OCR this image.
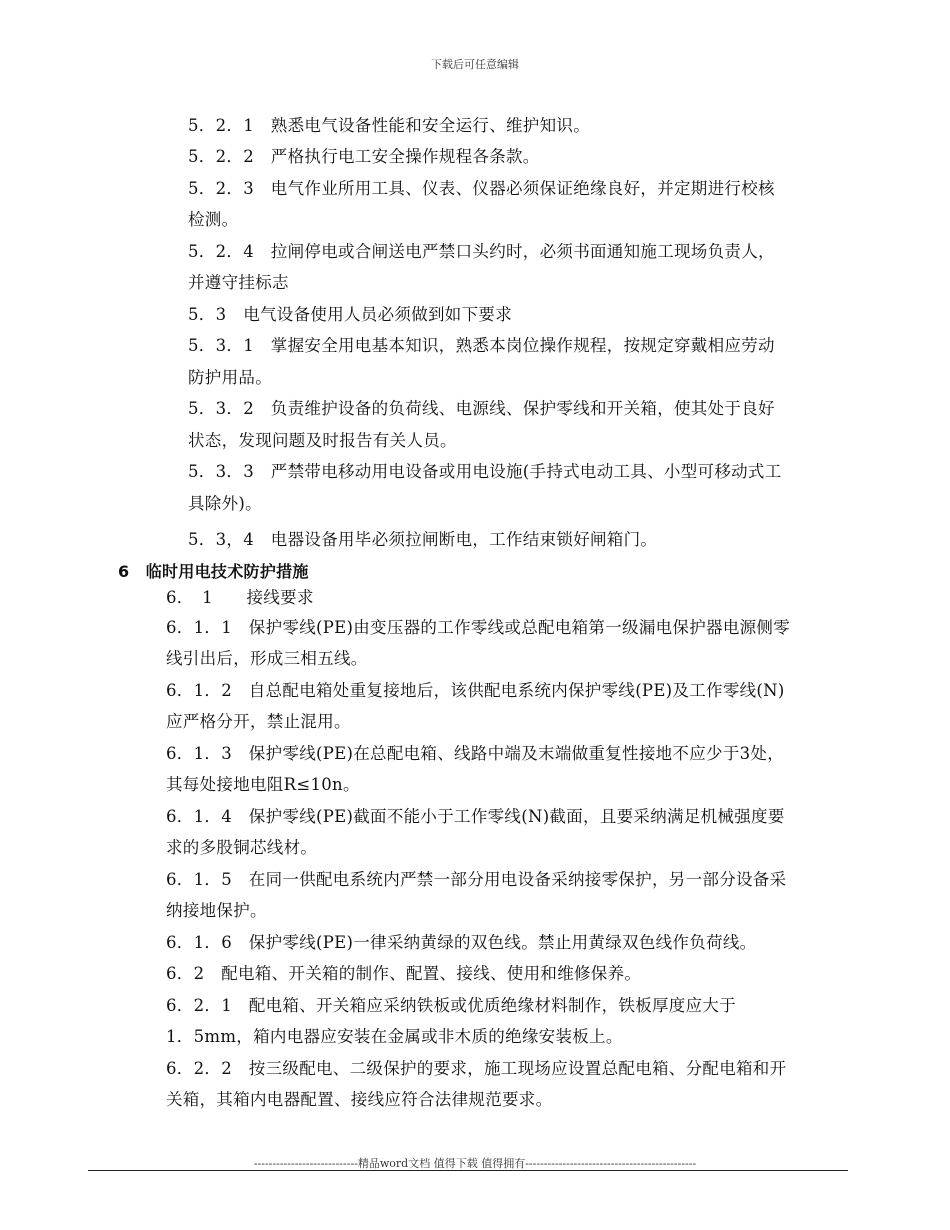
下载后可任意编辑
5．2．1　熟悉电气设备性能和安全运行、维护知识。
5．2．2　严格执行电工安全操作规程各条款。
5．2．3　电气作业所用工具、仪表、仪器必须保证绝缘良好，并定期进行校核
检测。
5．2．4　拉闸停电或合闸送电严禁口头约时，必须书面通知施工现场负责人，
并遵守挂标志
5．3　电气设备使用人员必须做到如下要求
5．3．1　掌握安全用电基本知识，熟悉本岗位操作规程，按规定穿戴相应劳动
防护用品。
5．3．2　负责维护设备的负荷线、电源线、保护零线和开关箱，使其处于良好
状态，发现问题及时报告有关人员。
5．3．3　严禁带电移动用电设备或用电设施(手持式电动工具、小型可移动式工
具除外)。
5．3，4　电器设备用毕必须拉闸断电，工作结束锁好闸箱门。
6　临时用电技术防护措施
6．　1　　接线要求
6．1．1　保护零线(PE)由变压器的工作零线或总配电箱第一级漏电保护器电源侧零
线引出后，形成三相五线。
6．1．2　自总配电箱处重复接地后，该供配电系统内保护零线(PE)及工作零线(N)
应严格分开，禁止混用。
6．1．3　保护零线(PE)在总配电箱、线路中端及末端做重复性接地不应少于3处，
其每处接地电阻R≤10n。
6．1．4　保护零线(PE)截面不能小于工作零线(N)截面，且要采纳满足机械强度要
求的多股铜芯线材。
6．1．5　在同一供配电系统内严禁一部分用电设备采纳接零保护，另一部分设备采
纳接地保护。
6．1．6　保护零线(PE)一律采纳黄绿的双色线。禁止用黄绿双色线作负荷线。
6．2　配电箱、开关箱的制作、配置、接线、使用和维修保养。
6．2．1　配电箱、开关箱应采纳铁板或优质绝缘材料制作，铁板厚度应大于
1．5mm，箱内电器应安装在金属或非木质的绝缘安装板上。
6．2．2　按三级配电、二级保护的要求，施工现场应设置总配电箱、分配电箱和开
关箱，其箱内电器配置、接线应符合法律规范要求。
----------------------------精品word文档 值得下载 值得拥有----------------------------------------------
